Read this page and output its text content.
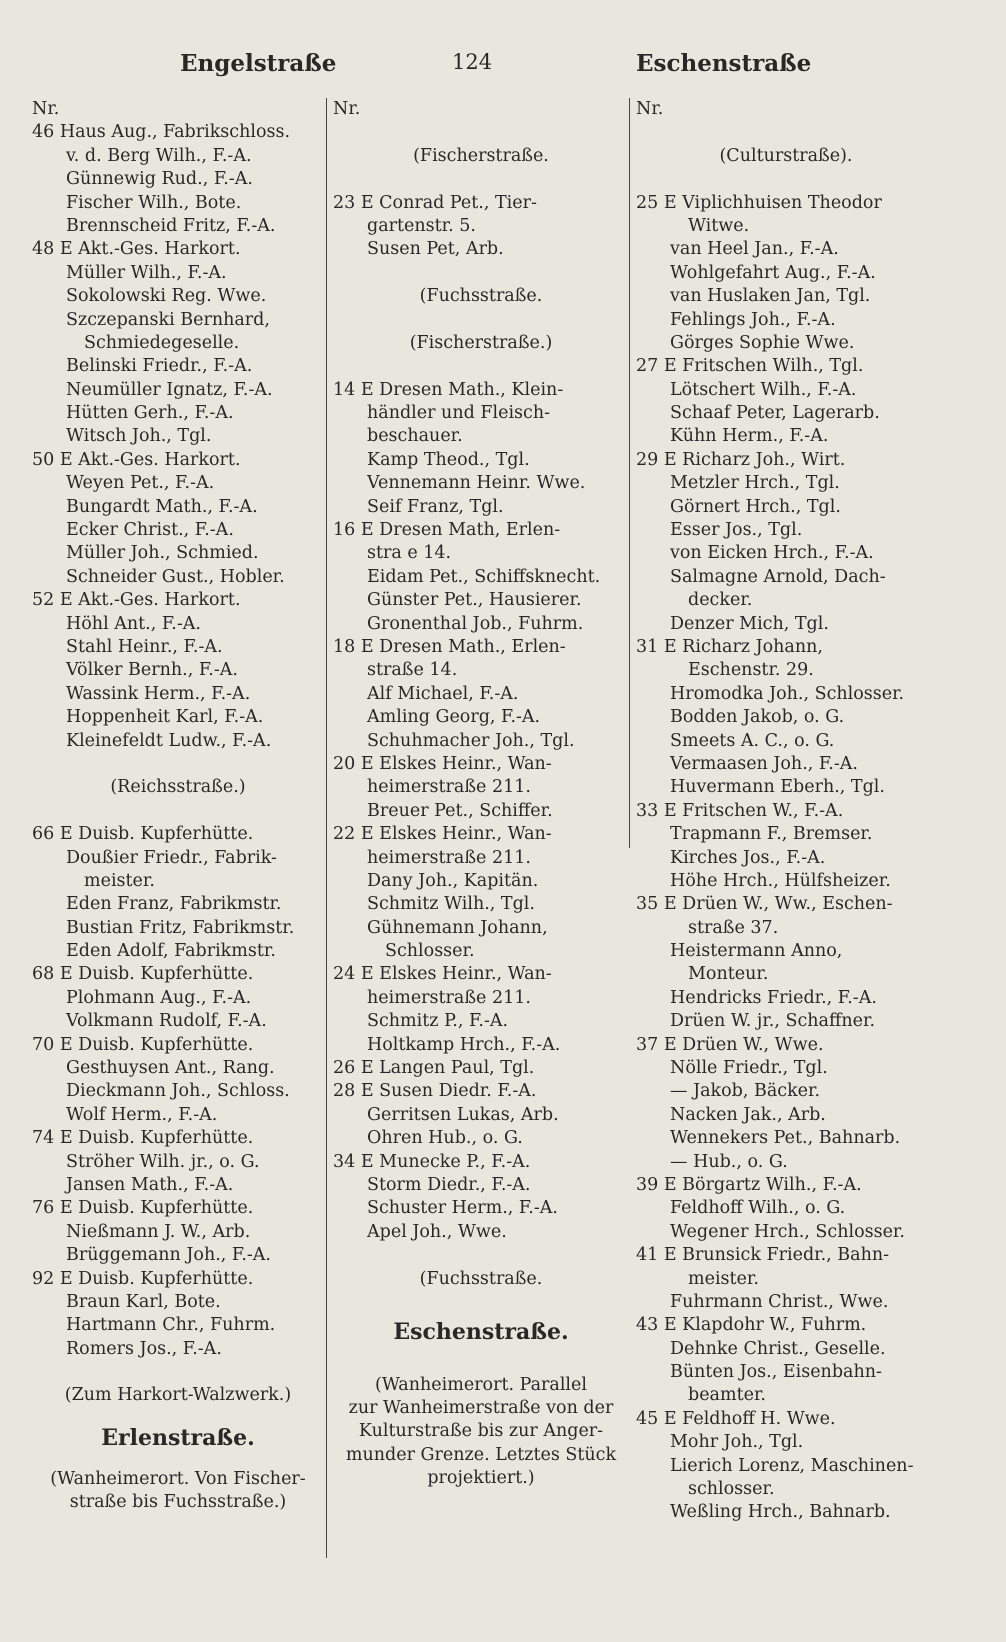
Engelstraße	124	Eschenstraße
Nr.
46 Haus Aug., Fabrikschloss.
v. d. Berg Wilh., F.-A.
Günnewig Rud., F.-A.
Fischer Wilh., Bote.
Brennscheid Fritz, F.-A.
48 E Akt.-Ges. Harkort.
Müller Wilh., F.-A.
Sokolowski Reg. Wwe.
Szczepanski Bernhard,
Schmiedegeselle.
Belinski Friedr., F.-A.
Neumüller Ignatz, F.-A.
Hütten Gerh., F.-A.
Witsch Joh., Tgl.
50 E Akt.-Ges. Harkort.
Weyen Pet., F.-A.
Bungardt Math., F.-A.
Ecker Christ., F.-A.
Müller Joh., Schmied.
Schneider Gust., Hobler.
52 E Akt.-Ges. Harkort.
Höhl Ant., F.-A.
Stahl Heinr., F.-A.
Völker Bernh., F.-A.
Wassink Herm., F.-A.
Hoppenheit Karl, F.-A.
Kleinefeldt Ludw., F.-A.
(Reichsstraße.)
66 E Duisb. Kupferhütte.
Doußier Friedr., Fabrik-
meister.
Eden Franz, Fabrikmstr.
Bustian Fritz, Fabrikmstr.
Eden Adolf, Fabrikmstr.
68 E Duisb. Kupferhütte.
Plohmann Aug., F.-A.
Volkmann Rudolf, F.-A.
70 E Duisb. Kupferhütte.
Gesthuysen Ant., Rang.
Dieckmann Joh., Schloss.
Wolf Herm., F.-A.
74 E Duisb. Kupferhütte.
Ströher Wilh. jr., o. G.
Jansen Math., F.-A.
76 E Duisb. Kupferhütte.
Nießmann J. W., Arb.
Brüggemann Joh., F.-A.
92 E Duisb. Kupferhütte.
Braun Karl, Bote.
Hartmann Chr., Fuhrm.
Romers Jos., F.-A.
(Zum Harkort-Walzwerk.)
Erlenstraße.
(Wanheimerort. Von Fischer-
straße bis Fuchsstraße.)
Nr.
(Fischerstraße.
23 E Conrad Pet., Tier-
gartenstr. 5.
Susen Pet, Arb.
(Fuchsstraße.
(Fischerstraße.)
14 E Dresen Math., Klein-
händler und Fleisch-
beschauer.
Kamp Theod., Tgl.
Vennemann Heinr. Wwe.
Seif Franz, Tgl.
16 E Dresen Math, Erlen-
stra e 14.
Eidam Pet., Schiffsknecht.
Günster Pet., Hausierer.
Gronenthal Job., Fuhrm.
18 E Dresen Math., Erlen-
straße 14.
Alf Michael, F.-A.
Amling Georg, F.-A.
Schuhmacher Joh., Tgl.
20 E Elskes Heinr., Wan-
heimerstraße 211.
Breuer Pet., Schiffer.
22 E Elskes Heinr., Wan-
heimerstraße 211.
Dany Joh., Kapitän.
Schmitz Wilh., Tgl.
Gühnemann Johann,
Schlosser.
24 E Elskes Heinr., Wan-
heimerstraße 211.
Schmitz P., F.-A.
Holtkamp Hrch., F.-A.
26 E Langen Paul, Tgl.
28 E Susen Diedr. F.-A.
Gerritsen Lukas, Arb.
Ohren Hub., o. G.
34 E Munecke P., F.-A.
Storm Diedr., F.-A.
Schuster Herm., F.-A.
Apel Joh., Wwe.
(Fuchsstraße.
Eschenstraße.
(Wanheimerort. Parallel
zur Wanheimerstraße von der
Kulturstraße bis zur Anger-
munder Grenze. Letztes Stück
projektiert.)
Nr.
(Culturstraße).
25 E Viplichhuisen Theodor
Witwe.
van Heel Jan., F.-A.
Wohlgefahrt Aug., F.-A.
van Huslaken Jan, Tgl.
Fehlings Joh., F.-A.
Görges Sophie Wwe.
27 E Fritschen Wilh., Tgl.
Lötschert Wilh., F.-A.
Schaaf Peter, Lagerarb.
Kühn Herm., F.-A.
29 E Richarz Joh., Wirt.
Metzler Hrch., Tgl.
Görnert Hrch., Tgl.
Esser Jos., Tgl.
von Eicken Hrch., F.-A.
Salmagne Arnold, Dach-
decker.
Denzer Mich, Tgl.
31 E Richarz Johann,
Eschenstr. 29.
Hromodka Joh., Schlosser.
Bodden Jakob, o. G.
Smeets A. C., o. G.
Vermaasen Joh., F.-A.
Huvermann Eberh., Tgl.
33 E Fritschen W., F.-A.
Trapmann F., Bremser.
Kirches Jos., F.-A.
Höhe Hrch., Hülfsheizer.
35 E Drüen W., Ww., Eschen-
straße 37.
Heistermann Anno,
Monteur.
Hendricks Friedr., F.-A.
Drüen W. jr., Schaffner.
37 E Drüen W., Wwe.
Nölle Friedr., Tgl.
— Jakob, Bäcker.
Nacken Jak., Arb.
Wennekers Pet., Bahnarb.
— Hub., o. G.
39 E Börgartz Wilh., F.-A.
Feldhoff Wilh., o. G.
Wegener Hrch., Schlosser.
41 E Brunsick Friedr., Bahn-
meister.
Fuhrmann Christ., Wwe.
43 E Klapdohr W., Fuhrm.
Dehnke Christ., Geselle.
Bünten Jos., Eisenbahn-
beamter.
45 E Feldhoff H. Wwe.
Mohr Joh., Tgl.
Lierich Lorenz, Maschinen-
schlosser.
Weßling Hrch., Bahnarb.
